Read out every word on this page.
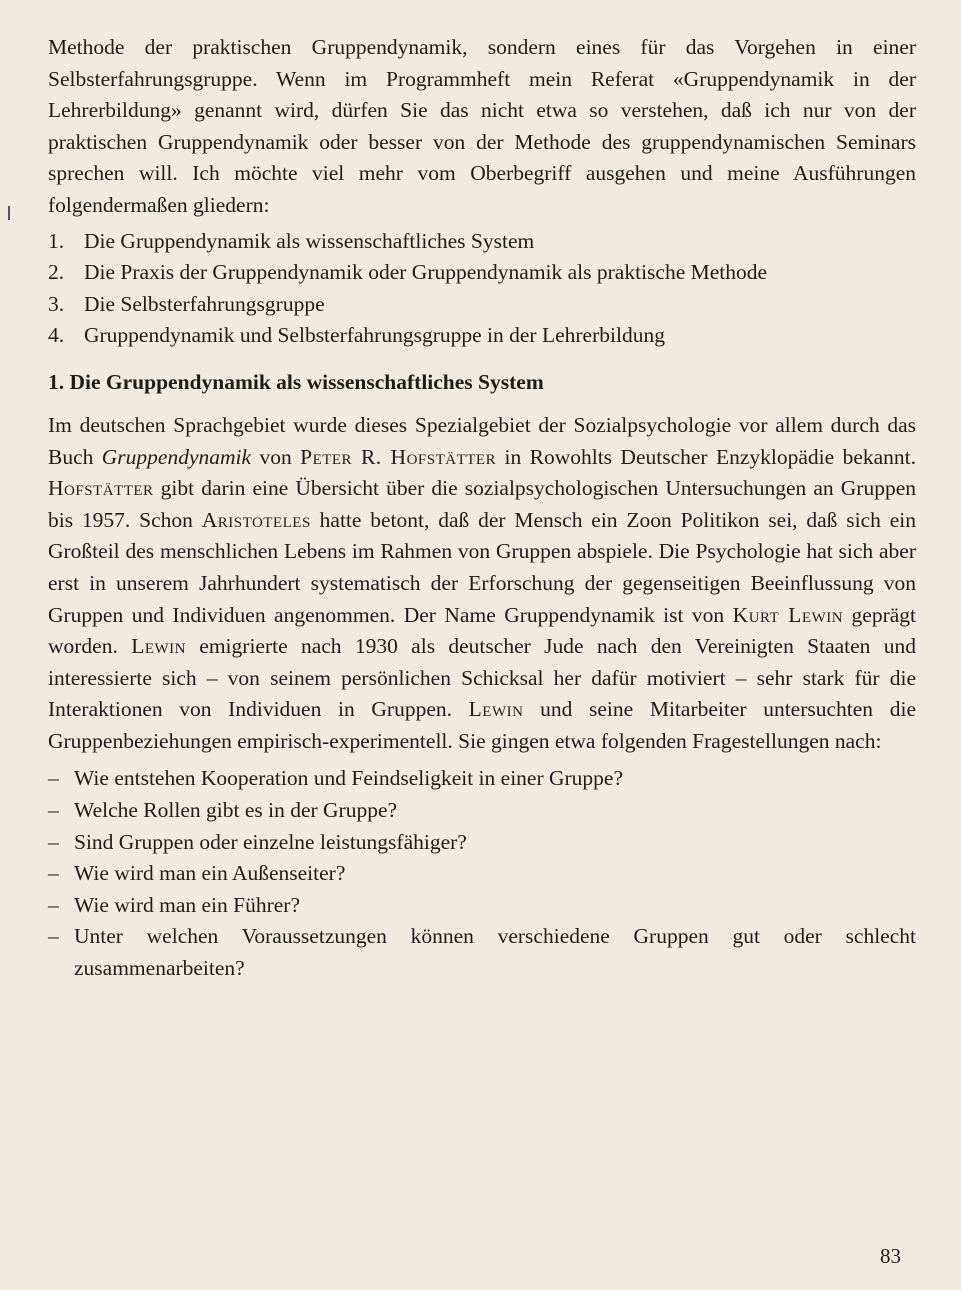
Methode der praktischen Gruppendynamik, sondern eines für das Vorgehen in einer Selbsterfahrungsgruppe. Wenn im Programmheft mein Referat «Gruppendynamik in der Lehrerbildung» genannt wird, dürfen Sie das nicht etwa so verstehen, daß ich nur von der praktischen Gruppendynamik oder besser von der Methode des gruppendynamischen Seminars sprechen will. Ich möchte viel mehr vom Oberbegriff ausgehen und meine Ausführungen folgendermaßen gliedern:

1. Die Gruppendynamik als wissenschaftliches System
2. Die Praxis der Gruppendynamik oder Gruppendynamik als praktische Methode
3. Die Selbsterfahrungsgruppe
4. Gruppendynamik und Selbsterfahrungsgruppe in der Lehrerbildung
1. Die Gruppendynamik als wissenschaftliches System

Im deutschen Sprachgebiet wurde dieses Spezialgebiet der Sozialpsychologie vor allem durch das Buch Gruppendynamik von Peter R. Hofstätter in Rowohlts Deutscher Enzyklopädie bekannt. Hofstätter gibt darin eine Übersicht über die sozialpsychologischen Untersuchungen an Gruppen bis 1957. Schon Aristoteles hatte betont, daß der Mensch ein Zoon Politikon sei, daß sich ein Großteil des menschlichen Lebens im Rahmen von Gruppen abspiele. Die Psychologie hat sich aber erst in unserem Jahrhundert systematisch der Erforschung der gegenseitigen Beeinflussung von Gruppen und Individuen angenommen. Der Name Gruppendynamik ist von Kurt Lewin geprägt worden. Lewin emigrierte nach 1930 als deutscher Jude nach den Vereinigten Staaten und interessierte sich – von seinem persönlichen Schicksal her dafür motiviert – sehr stark für die Interaktionen von Individuen in Gruppen. Lewin und seine Mitarbeiter untersuchten die Gruppenbeziehungen empirisch-experimentell. Sie gingen etwa folgenden Fragestellungen nach:

– Wie entstehen Kooperation und Feindseligkeit in einer Gruppe?
– Welche Rollen gibt es in der Gruppe?
– Sind Gruppen oder einzelne leistungsfähiger?
– Wie wird man ein Außenseiter?
– Wie wird man ein Führer?
– Unter welchen Voraussetzungen können verschiedene Gruppen gut oder schlecht zusammenarbeiten?
83
